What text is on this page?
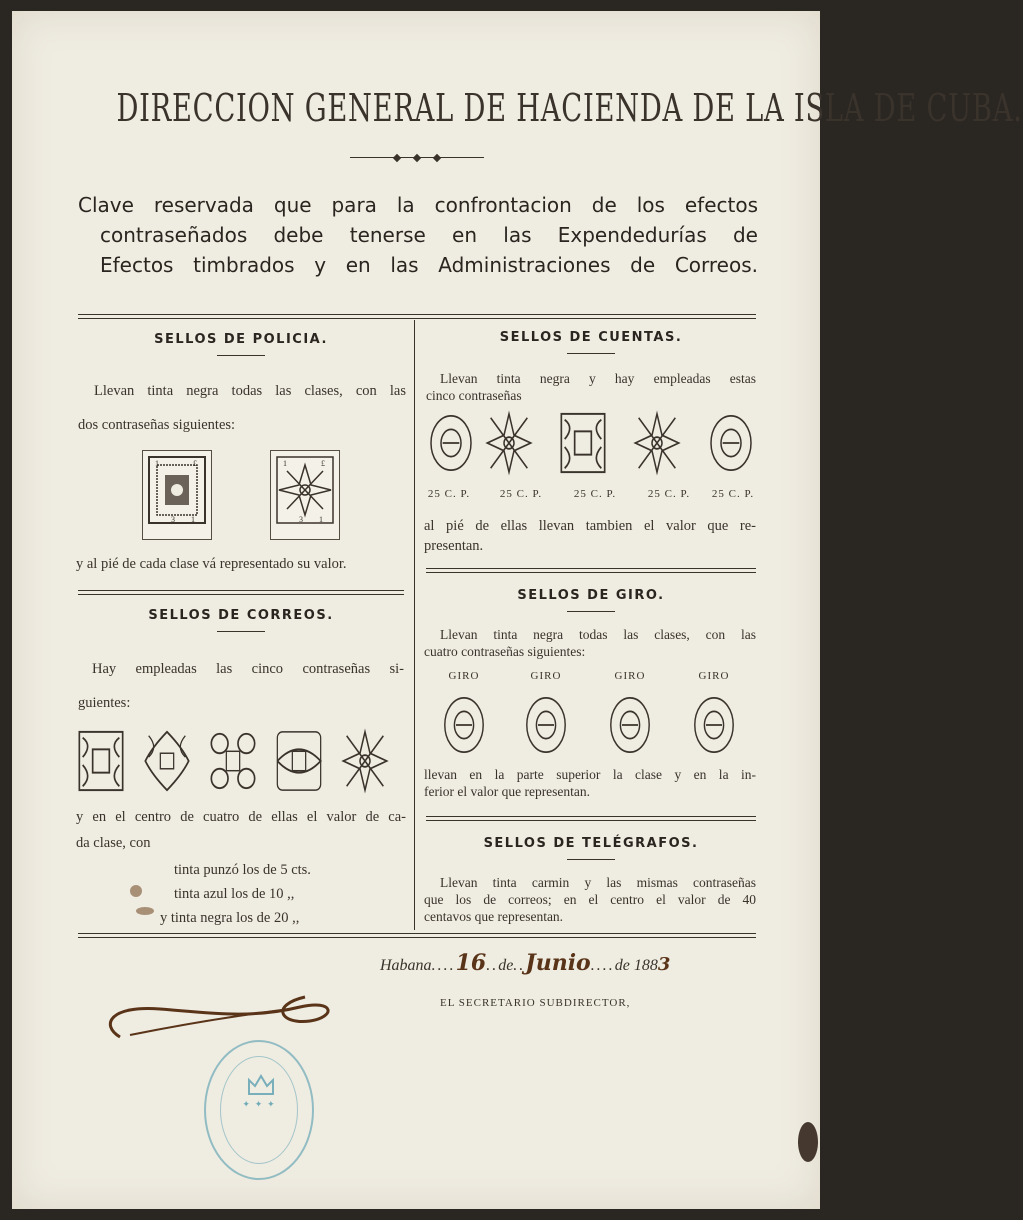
DIRECCION GENERAL DE HACIENDA DE LA ISLA DE CUBA.
Clave reservada que para la confrontacion de los efectos
contraseñados debe tenerse en las Expendedurías de
Efectos timbrados y en las Administraciones de Correos.
SELLOS DE POLICIA.
Llevan tinta negra todas las clases, con las
dos contraseñas siguientes:
1	£
3 1
1	£
3 1
y al pié de cada clase vá representado su valor.
SELLOS DE CORREOS.
Hay empleadas las cinco contraseñas si-
guientes:
y en el centro de cuatro de ellas el valor de ca-
da clase, con
tinta punzó los de 5 cts.
tinta azul los de 10 ,,
y tinta negra los de 20 ,,
SELLOS DE CUENTAS.
Llevan tinta negra y hay empleadas estas
cinco contraseñas
25 C. P.	25 C. P.	25 C. P.	25 C. P.	25 C. P.
al pié de ellas llevan tambien el valor que re-
presentan.
SELLOS DE GIRO.
Llevan tinta negra todas las clases, con las
cuatro contraseñas siguientes:
GIRO	GIRO	GIRO	GIRO
llevan en la parte superior la clase y en la in-
ferior el valor que representan.
SELLOS DE TELÉGRAFOS.
Llevan tinta carmin y las mismas contraseñas
que los de correos; en el centro el valor de 40
centavos que representan.
Habana....16..de..Junio....de 1883
EL SECRETARIO SUBDIRECTOR,
✦ ✦ ✦
